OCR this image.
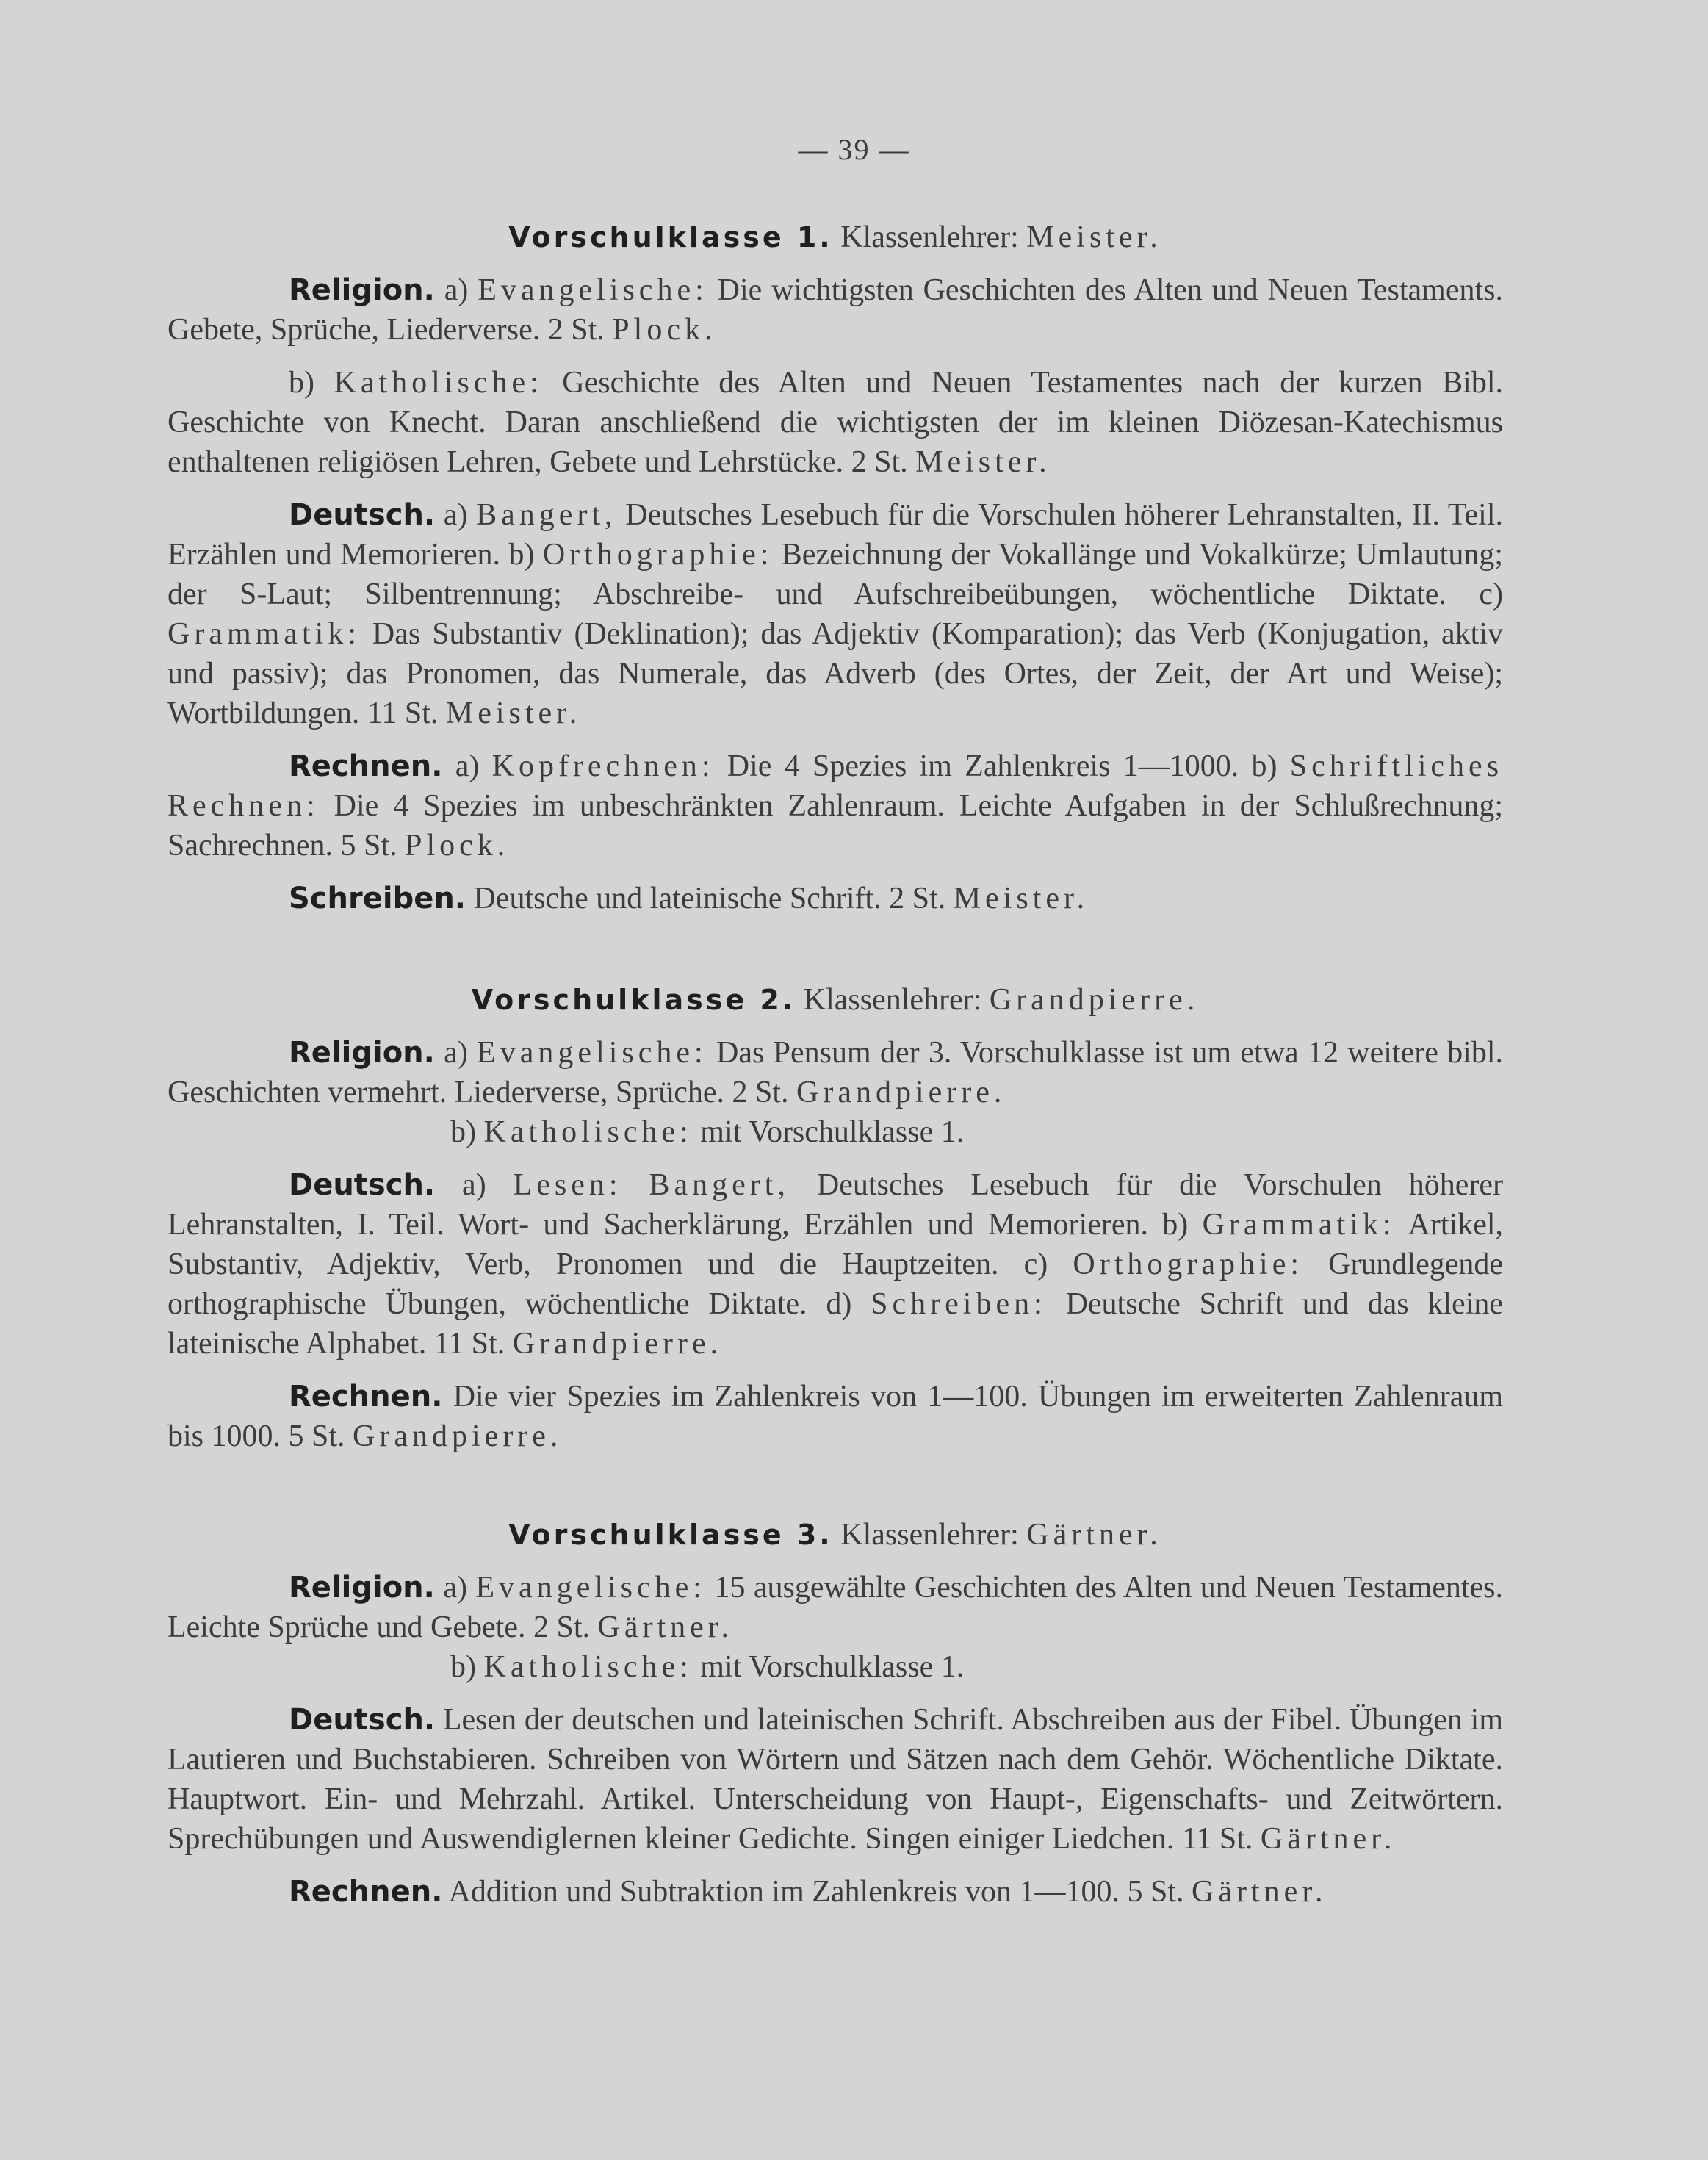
— 39 —

Vorschulklasse 1. Klassenlehrer: Meister.

Religion. a) Evangelische: Die wichtigsten Geschichten des Alten und Neuen Testaments. Gebete, Sprüche, Liederverse. 2 St. Plock.

b) Katholische: Geschichte des Alten und Neuen Testamentes nach der kurzen Bibl. Geschichte von Knecht. Daran anschließend die wichtigsten der im kleinen Diözesan-Katechismus enthaltenen religiösen Lehren, Gebete und Lehrstücke. 2 St. Meister.

Deutsch. a) Bangert, Deutsches Lesebuch für die Vorschulen höherer Lehranstalten, II. Teil. Erzählen und Memorieren. b) Orthographie: Bezeichnung der Vokallänge und Vokalkürze; Umlautung; der S-Laut; Silbentrennung; Abschreibe- und Aufschreibeübungen, wöchentliche Diktate. c) Grammatik: Das Substantiv (Deklination); das Adjektiv (Komparation); das Verb (Konjugation, aktiv und passiv); das Pronomen, das Numerale, das Adverb (des Ortes, der Zeit, der Art und Weise); Wortbildungen. 11 St. Meister.

Rechnen. a) Kopfrechnen: Die 4 Spezies im Zahlenkreis 1—1000. b) Schriftliches Rechnen: Die 4 Spezies im unbeschränkten Zahlenraum. Leichte Aufgaben in der Schlußrechnung; Sachrechnen. 5 St. Plock.

Schreiben. Deutsche und lateinische Schrift. 2 St. Meister.

Vorschulklasse 2. Klassenlehrer: Grandpierre.

Religion. a) Evangelische: Das Pensum der 3. Vorschulklasse ist um etwa 12 weitere bibl. Geschichten vermehrt. Liederverse, Sprüche. 2 St. Grandpierre.

b) Katholische: mit Vorschulklasse 1.

Deutsch. a) Lesen: Bangert, Deutsches Lesebuch für die Vorschulen höherer Lehranstalten, I. Teil. Wort- und Sacherklärung, Erzählen und Memorieren. b) Grammatik: Artikel, Substantiv, Adjektiv, Verb, Pronomen und die Hauptzeiten. c) Orthographie: Grundlegende orthographische Übungen, wöchentliche Diktate. d) Schreiben: Deutsche Schrift und das kleine lateinische Alphabet. 11 St. Grandpierre.

Rechnen. Die vier Spezies im Zahlenkreis von 1—100. Übungen im erweiterten Zahlenraum bis 1000. 5 St. Grandpierre.

Vorschulklasse 3. Klassenlehrer: Gärtner.

Religion. a) Evangelische: 15 ausgewählte Geschichten des Alten und Neuen Testamentes. Leichte Sprüche und Gebete. 2 St. Gärtner.

b) Katholische: mit Vorschulklasse 1.

Deutsch. Lesen der deutschen und lateinischen Schrift. Abschreiben aus der Fibel. Übungen im Lautieren und Buchstabieren. Schreiben von Wörtern und Sätzen nach dem Gehör. Wöchentliche Diktate. Hauptwort. Ein- und Mehrzahl. Artikel. Unterscheidung von Haupt-, Eigenschafts- und Zeitwörtern. Sprechübungen und Auswendiglernen kleiner Gedichte. Singen einiger Liedchen. 11 St. Gärtner.

Rechnen. Addition und Subtraktion im Zahlenkreis von 1—100. 5 St. Gärtner.
